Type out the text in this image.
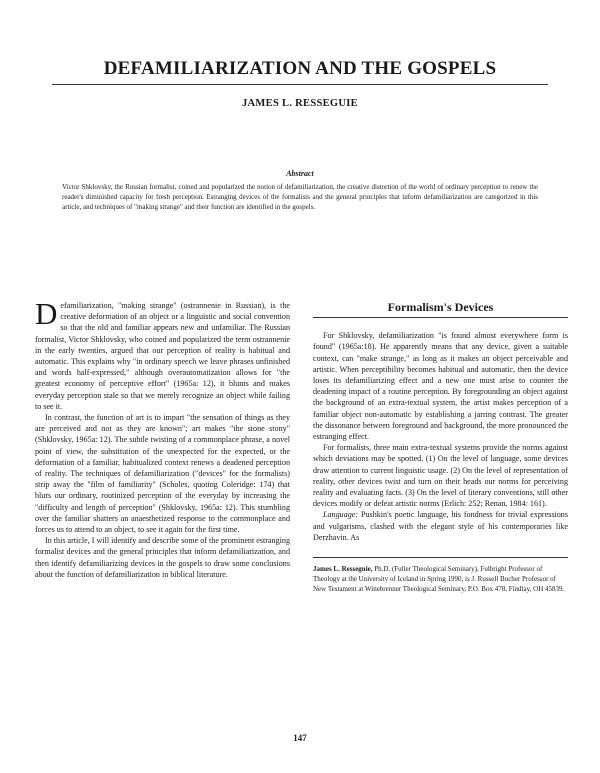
DEFAMILIARIZATION AND THE GOSPELS
JAMES L. RESSEGUIE
Abstract

Victor Shklovsky, the Russian formalist, coined and popularized the notion of defamiliarization, the creative distortion of the world of ordinary perception to renew the reader's diminished capacity for fresh perception. Estranging devices of the formalists and the general principles that inform defamiliarization are categorized in this article, and techniques of "making strange" and their function are identified in the gospels.

Defamiliarization, "making strange" (ostrannenie in Russian), is the creative deformation of an object or a linguistic and social convention so that the old and familiar appears new and unfamiliar. The Russian formalist, Victor Shklovsky, who coined and popularized the term ostrannenie in the early twenties, argued that our perception of reality is habitual and automatic. This explains why "in ordinary speech we leave phrases unfinished and words half-expressed," although overautomatization allows for "the greatest economy of perceptive effort" (1965a: 12), it blunts and makes everyday perception stale so that we merely recognize an object while failing to see it.

In contrast, the function of art is to impart "the sensation of things as they are perceived and not as they are known"; art makes "the stone stony" (Shklovsky, 1965a: 12). The subtle twisting of a commonplace phrase, a novel point of view, the substitution of the unexpected for the expected, or the deformation of a familiar, habitualized context renews a deadened perception of reality. The techniques of defamiliarization ("devices" for the formalists) strip away the "film of familiarity" (Scholes, quoting Coleridge: 174) that blurs our ordinary, routinized perception of the everyday by increasing the "difficulty and length of perception" (Shklovsky, 1965a: 12). This stumbling over the familiar shatters an anaesthetized response to the commonplace and forces us to attend to an object, to see it again for the first time.

In this article, I will identify and describe some of the prominent estranging formalist devices and the general principles that inform defamiliarization, and then identify defamiliarizing devices in the gospels to draw some conclusions about the function of defamiliarization in biblical literature.

Formalism's Devices

For Shklovsky, defamiliarization "is found almost everywhere form is found" (1965a:18). He apparently means that any device, given a suitable context, can "make strange," as long as it makes an object perceivable and artistic. When perceptibility becomes habitual and automatic, then the device loses its defamiliarizing effect and a new one must arise to counter the deadening impact of a routine perception. By foregrounding an object against the background of an extra-textual system, the artist makes perception of a familiar object non-automatic by establishing a jarring contrast. The greater the dissonance between foreground and background, the more pronounced the estranging effect.

For formalists, three main extra-textual systems provide the norms against which deviations may be spotted. (1) On the level of language, some devices draw attention to current linguistic usage. (2) On the level of representation of reality, other devices twist and turn on their heads our norms for perceiving reality and evaluating facts. (3) On the level of literary conventions, still other devices modify or defeat artistic norms (Erlich: 252; Renan, 1984: 161).

Language: Pushkin's poetic language, his fondness for trivial expressions and vulgarisms, clashed with the elegant style of his contemporaries like Derzhavin. As

James L. Resseguie, Ph.D. (Fuller Theological Seminary), Fulbright Professor of Theology at the University of Iceland in Spring 1990, is J. Russell Bucher Professor of New Testament at Winebrenner Theological Seminary, P.O. Box 478, Findlay, OH 45839.

147
